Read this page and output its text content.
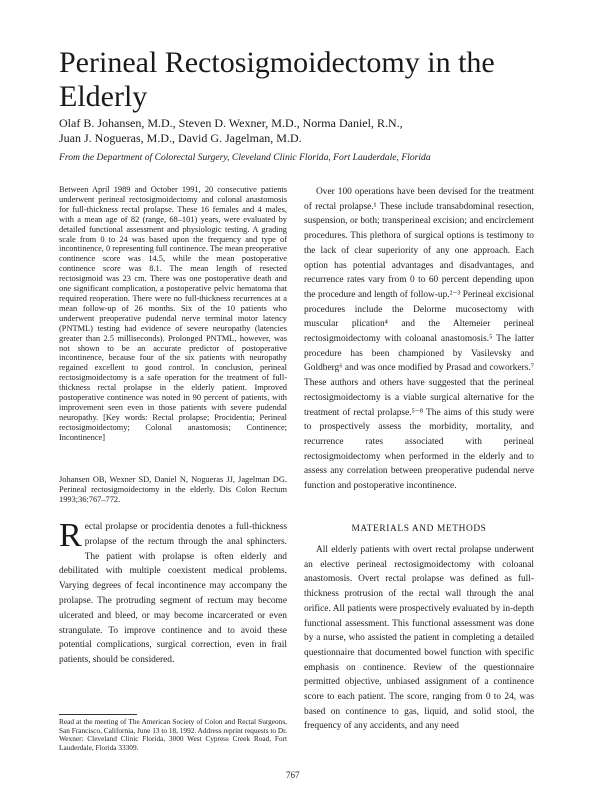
Perineal Rectosigmoidectomy in the Elderly
Olaf B. Johansen, M.D., Steven D. Wexner, M.D., Norma Daniel, R.N.,
Juan J. Nogueras, M.D., David G. Jagelman, M.D.
From the Department of Colorectal Surgery, Cleveland Clinic Florida, Fort Lauderdale, Florida
Between April 1989 and October 1991, 20 consecutive patients underwent perineal rectosigmoidectomy and colonal anastomosis for full-thickness rectal prolapse. These 16 females and 4 males, with a mean age of 82 (range, 68–101) years, were evaluated by detailed functional assessment and physiologic testing. A grading scale from 0 to 24 was based upon the frequency and type of incontinence, 0 representing full continence. The mean preoperative continence score was 14.5, while the mean postoperative continence score was 8.1. The mean length of resected rectosigmoid was 23 cm. There was one postoperative death and one significant complication, a postoperative pelvic hematoma that required reoperation. There were no full-thickness recurrences at a mean follow-up of 26 months. Six of the 10 patients who underwent preoperative pudendal nerve terminal motor latency (PNTML) testing had evidence of severe neuropathy (latencies greater than 2.5 milliseconds). Prolonged PNTML, however, was not shown to be an accurate predictor of postoperative incontinence, because four of the six patients with neuropathy regained excellent to good control. In conclusion, perineal rectosigmoidectomy is a safe operation for the treatment of full-thickness rectal prolapse in the elderly patient. Improved postoperative continence was noted in 90 percent of patients, with improvement seen even in those patients with severe pudendal neuropathy. [Key words: Rectal prolapse; Procidentia; Perineal rectosigmoidectomy; Colonal anastomosis; Continence; Incontinence]
Johansen OB, Wexner SD, Daniel N, Nogueras JJ, Jagelman DG. Perineal rectosigmoidectomy in the elderly. Dis Colon Rectum 1993;36:767–772.
Rectal prolapse or procidentia denotes a full-thickness prolapse of the rectum through the anal sphincters. The patient with prolapse is often elderly and debilitated with multiple coexistent medical problems. Varying degrees of fecal incontinence may accompany the prolapse. The protruding segment of rectum may become ulcerated and bleed, or may become incarcerated or even strangulate. To improve continence and to avoid these potential complications, surgical correction, even in frail patients, should be considered.
Over 100 operations have been devised for the treatment of rectal prolapse.¹ These include transabdominal resection, suspension, or both; transperineal excision; and encirclement procedures. This plethora of surgical options is testimony to the lack of clear superiority of any one approach. Each option has potential advantages and disadvantages, and recurrence rates vary from 0 to 60 percent depending upon the procedure and length of follow-up.²⁻³ Perineal excisional procedures include the Delorme mucosectomy with muscular plication⁴ and the Altemeier perineal rectosigmoidectomy with coloanal anastomosis.⁵ The latter procedure has been championed by Vasilevsky and Goldberg⁶ and was once modified by Prasad and coworkers.⁷ These authors and others have suggested that the perineal rectosigmoidectomy is a viable surgical alternative for the treatment of rectal prolapse.⁵⁻⁸ The aims of this study were to prospectively assess the morbidity, mortality, and recurrence rates associated with perineal rectosigmoidectomy when performed in the elderly and to assess any correlation between preoperative pudendal nerve function and postoperative incontinence.
MATERIALS AND METHODS
All elderly patients with overt rectal prolapse underwent an elective perineal rectosigmoidectomy with coloanal anastomosis. Overt rectal prolapse was defined as full-thickness protrusion of the rectal wall through the anal orifice. All patients were prospectively evaluated by in-depth functional assessment. This functional assessment was done by a nurse, who assisted the patient in completing a detailed questionnaire that documented bowel function with specific emphasis on continence. Review of the questionnaire permitted objective, unbiased assignment of a continence score to each patient. The score, ranging from 0 to 24, was based on continence to gas, liquid, and solid stool, the frequency of any accidents, and any need
Read at the meeting of The American Society of Colon and Rectal Surgeons, San Francisco, California, June 13 to 18, 1992. Address reprint requests to Dr. Wexner: Cleveland Clinic Florida, 3000 West Cypress Creek Road, Fort Lauderdale, Florida 33309.
767
